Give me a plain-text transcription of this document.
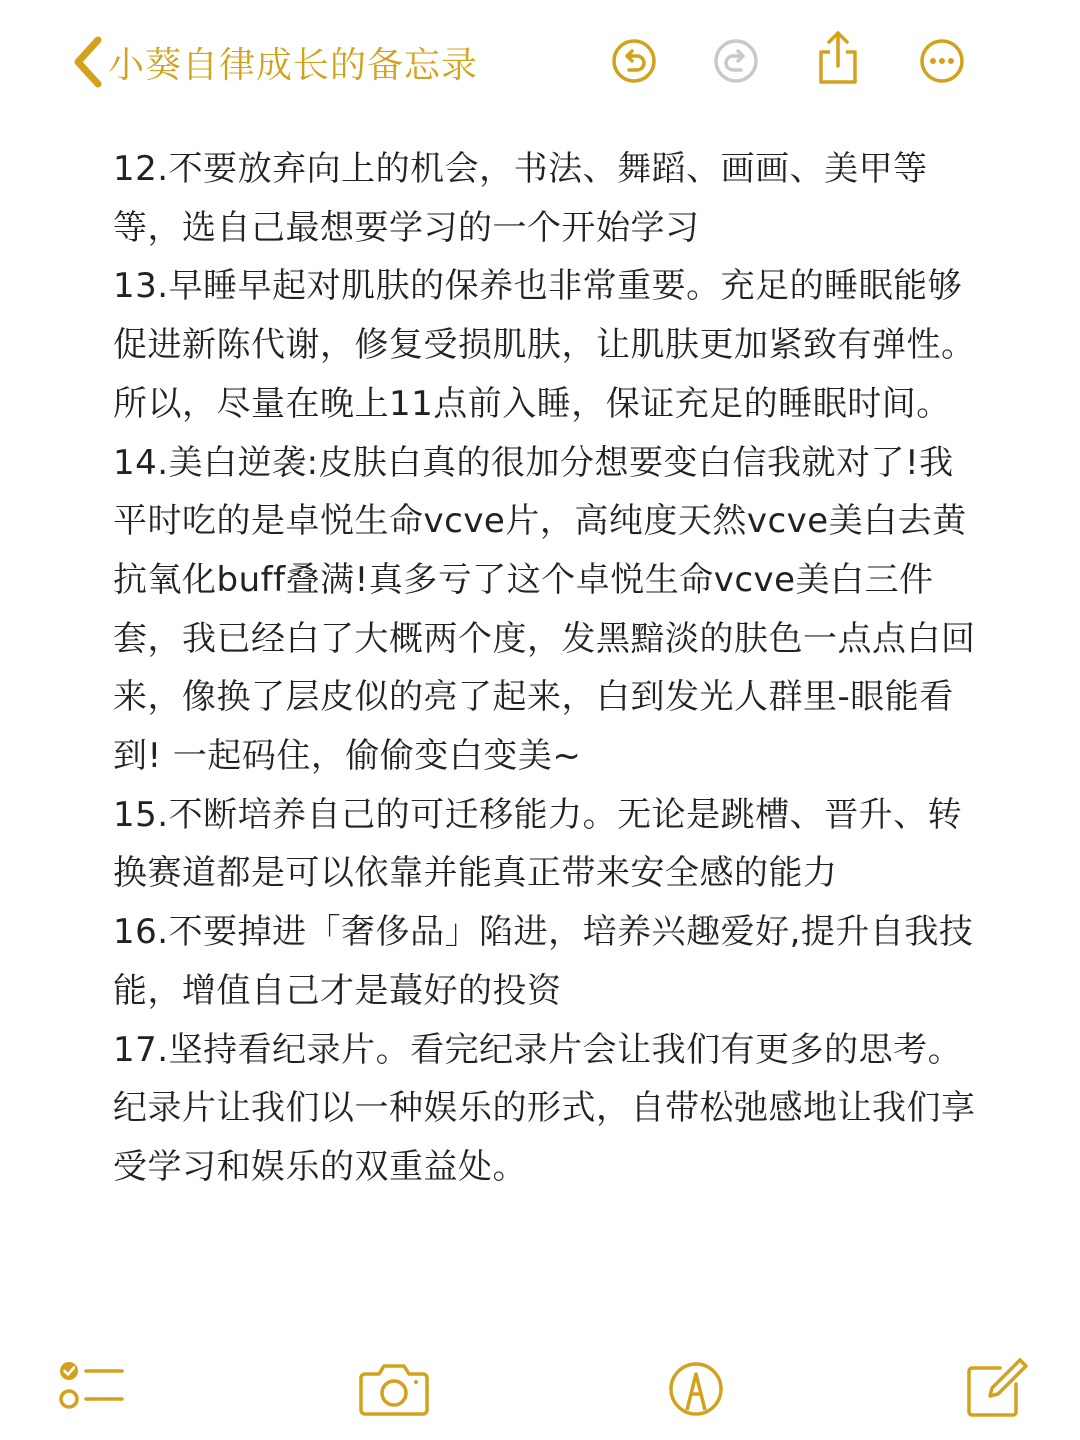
小葵自律成长的备忘录

12.不要放弃向上的机会，书法、舞蹈、画画、美甲等等，选自己最想要学习的一个开始学习

13.早睡早起对肌肤的保养也非常重要。充足的睡眠能够促进新陈代谢，修复受损肌肤，让肌肤更加紧致有弹性。所以，尽量在晚上11点前入睡，保证充足的睡眠时间。

14.美白逆袭:皮肤白真的很加分想要变白信我就对了!我平时吃的是卓悦生命vcve片，高纯度天然vcve美白去黄抗氧化buff叠满!真多亏了这个卓悦生命vcve美白三件套，我已经白了大概两个度，发黑黯淡的肤色一点点白回来，像换了层皮似的亮了起来，白到发光人群里-眼能看到! 一起码住，偷偷变白变美~

15.不断培养自己的可迁移能力。无论是跳槽、晋升、转换赛道都是可以依靠并能真正带来安全感的能力

16.不要掉进「奢侈品」陷进，培养兴趣爱好,提升自我技能，增值自己才是蕞好的投资

17.坚持看纪录片。看完纪录片会让我们有更多的思考。纪录片让我们以一种娱乐的形式，自带松弛感地让我们享受学习和娱乐的双重益处。
